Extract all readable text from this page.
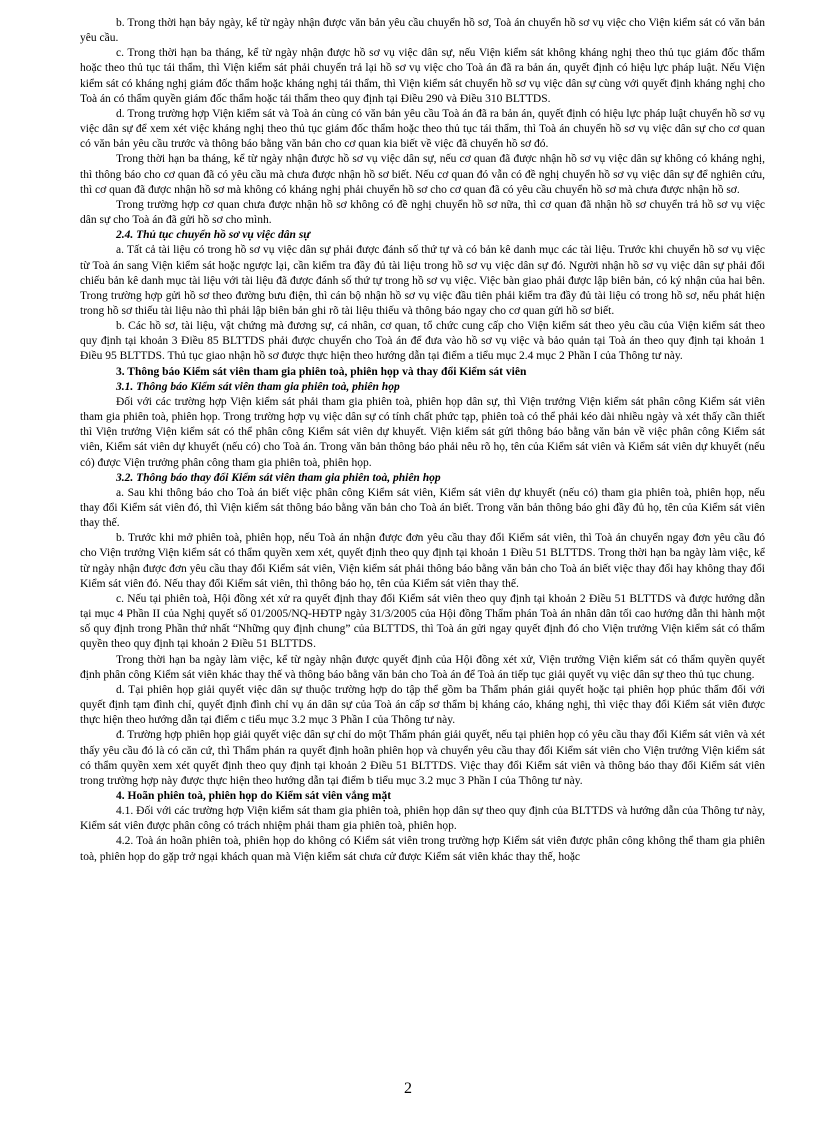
b. Trong thời hạn bảy ngày, kể từ ngày nhận được văn bản yêu cầu chuyển hồ sơ, Toà án chuyển hồ sơ vụ việc cho Viện kiểm sát có văn bản yêu cầu.

c. Trong thời hạn ba tháng, kể từ ngày nhận được hồ sơ vụ việc dân sự, nếu Viện kiểm sát không kháng nghị theo thủ tục giám đốc thẩm hoặc theo thủ tục tái thẩm, thì Viện kiểm sát phải chuyển trả lại hồ sơ vụ việc cho Toà án đã ra bản án, quyết định có hiệu lực pháp luật. Nếu Viện kiểm sát có kháng nghị giám đốc thẩm hoặc kháng nghị tái thẩm, thì Viện kiểm sát chuyển hồ sơ vụ việc dân sự cùng với quyết định kháng nghị cho Toà án có thẩm quyền giám đốc thẩm hoặc tái thẩm theo quy định tại Điều 290 và Điều 310 BLTTDS.

d. Trong trường hợp Viện kiểm sát và Toà án cùng có văn bản yêu cầu Toà án đã ra bản án, quyết định có hiệu lực pháp luật chuyển hồ sơ vụ việc dân sự để xem xét việc kháng nghị theo thủ tục giám đốc thẩm hoặc theo thủ tục tái thẩm, thì Toà án chuyển hồ sơ vụ việc dân sự cho cơ quan có văn bản yêu cầu trước và thông báo bằng văn bản cho cơ quan kia biết về việc đã chuyển hồ sơ đó.

Trong thời hạn ba tháng, kể từ ngày nhận được hồ sơ vụ việc dân sự, nếu cơ quan đã được nhận hồ sơ vụ việc dân sự không có kháng nghị, thì thông báo cho cơ quan đã có yêu cầu mà chưa được nhận hồ sơ biết. Nếu cơ quan đó vẫn có đề nghị chuyển hồ sơ vụ việc dân sự để nghiên cứu, thì cơ quan đã được nhận hồ sơ mà không có kháng nghị phải chuyển hồ sơ cho cơ quan đã có yêu cầu chuyển hồ sơ mà chưa được nhận hồ sơ.

Trong trường hợp cơ quan chưa được nhận hồ sơ không có đề nghị chuyển hồ sơ nữa, thì cơ quan đã nhận hồ sơ chuyển trả hồ sơ vụ việc dân sự cho Toà án đã gửi hồ sơ cho mình.

2.4. Thủ tục chuyển hồ sơ vụ việc dân sự

a. Tất cả tài liệu có trong hồ sơ vụ việc dân sự phải được đánh số thứ tự và có bản kê danh mục các tài liệu. Trước khi chuyển hồ sơ vụ việc từ Toà án sang Viện kiểm sát hoặc ngược lại, cần kiểm tra đầy đủ tài liệu trong hồ sơ vụ việc dân sự đó. Người nhận hồ sơ vụ việc dân sự phải đối chiếu bản kê danh mục tài liệu với tài liệu đã được đánh số thứ tự trong hồ sơ vụ việc. Việc bàn giao phải được lập biên bản, có ký nhận của hai bên. Trong trường hợp gửi hồ sơ theo đường bưu điện, thì cán bộ nhận hồ sơ vụ việc đầu tiên phải kiểm tra đầy đủ tài liệu có trong hồ sơ, nếu phát hiện trong hồ sơ thiếu tài liệu nào thì phải lập biên bản ghi rõ tài liệu thiếu và thông báo ngay cho cơ quan gửi hồ sơ biết.

b. Các hồ sơ, tài liệu, vật chứng mà đương sự, cá nhân, cơ quan, tổ chức cung cấp cho Viện kiểm sát theo yêu cầu của Viện kiểm sát theo quy định tại khoản 3 Điều 85 BLTTDS phải được chuyển cho Toà án để đưa vào hồ sơ vụ việc và bảo quản tại Toà án theo quy định tại khoản 1 Điều 95 BLTTDS. Thủ tục giao nhận hồ sơ được thực hiện theo hướng dẫn tại điểm a tiểu mục 2.4 mục 2 Phần I của Thông tư này.

3. Thông báo Kiểm sát viên tham gia phiên toà, phiên họp và thay đổi Kiểm sát viên
3.1. Thông báo Kiểm sát viên tham gia phiên toà, phiên họp

Đối với các trường hợp Viện kiểm sát phải tham gia phiên toà, phiên họp dân sự, thì Viện trưởng Viện kiểm sát phân công Kiểm sát viên tham gia phiên toà, phiên họp. Trong trường hợp vụ việc dân sự có tính chất phức tạp, phiên toà có thể phải kéo dài nhiều ngày và xét thấy cần thiết thì Viện trưởng Viện kiểm sát có thể phân công Kiểm sát viên dự khuyết. Viện kiểm sát gửi thông báo bằng văn bản về việc phân công Kiểm sát viên, Kiểm sát viên dự khuyết (nếu có) cho Toà án. Trong văn bản thông báo phải nêu rõ họ, tên của Kiểm sát viên và Kiểm sát viên dự khuyết (nếu có) được Viện trưởng phân công tham gia phiên toà, phiên họp.

3.2. Thông báo thay đổi Kiểm sát viên tham gia phiên toà, phiên họp

a. Sau khi thông báo cho Toà án biết việc phân công Kiểm sát viên, Kiểm sát viên dự khuyết (nếu có) tham gia phiên toà, phiên họp, nếu thay đổi Kiểm sát viên đó, thì Viện kiểm sát thông báo bằng văn bản cho Toà án biết. Trong văn bản thông báo ghi đầy đủ họ, tên của Kiểm sát viên thay thế.

b. Trước khi mở phiên toà, phiên họp, nếu Toà án nhận được đơn yêu cầu thay đổi Kiểm sát viên, thì Toà án chuyển ngay đơn yêu cầu đó cho Viện trưởng Viện kiểm sát có thẩm quyền xem xét, quyết định theo quy định tại khoản 1 Điều 51 BLTTDS. Trong thời hạn ba ngày làm việc, kể từ ngày nhận được đơn yêu cầu thay đổi Kiểm sát viên, Viện kiểm sát phải thông báo bằng văn bản cho Toà án biết việc thay đổi hay không thay đổi Kiểm sát viên đó. Nếu thay đổi Kiểm sát viên, thì thông báo họ, tên của Kiểm sát viên thay thế.

c. Nếu tại phiên toà, Hội đồng xét xử ra quyết định thay đổi Kiểm sát viên theo quy định tại khoản 2 Điều 51 BLTTDS và được hướng dẫn tại mục 4 Phần II của Nghị quyết số 01/2005/NQ-HĐTP ngày 31/3/2005 của Hội đồng Thẩm phán Toà án nhân dân tối cao hướng dẫn thi hành một số quy định trong Phần thứ nhất “Những quy định chung” của BLTTDS, thì Toà án gửi ngay quyết định đó cho Viện trưởng Viện kiểm sát có thẩm quyền theo quy định tại khoản 2 Điều 51 BLTTDS.

Trong thời hạn ba ngày làm việc, kể từ ngày nhận được quyết định của Hội đồng xét xử, Viện trưởng Viện kiểm sát có thẩm quyền quyết định phân công Kiểm sát viên khác thay thế và thông báo bằng văn bản cho Toà án để Toà án tiếp tục giải quyết vụ việc dân sự theo thủ tục chung.

d. Tại phiên họp giải quyết việc dân sự thuộc trường hợp do tập thể gồm ba Thẩm phán giải quyết hoặc tại phiên họp phúc thẩm đối với quyết định tạm đình chỉ, quyết định đình chỉ vụ án dân sự của Toà án cấp sơ thẩm bị kháng cáo, kháng nghị, thì việc thay đổi Kiểm sát viên được thực hiện theo hướng dẫn tại điểm c tiểu mục 3.2 mục 3 Phần I của Thông tư này.

đ. Trường hợp phiên họp giải quyết việc dân sự chỉ do một Thẩm phán giải quyết, nếu tại phiên họp có yêu cầu thay đổi Kiểm sát viên và xét thấy yêu cầu đó là có căn cứ, thì Thẩm phán ra quyết định hoãn phiên họp và chuyển yêu cầu thay đổi Kiểm sát viên cho Viện trưởng Viện kiểm sát có thẩm quyền xem xét quyết định theo quy định tại khoản 2 Điều 51 BLTTDS. Việc thay đổi Kiểm sát viên và thông báo thay đổi Kiểm sát viên trong trường hợp này được thực hiện theo hướng dẫn tại điểm b tiểu mục 3.2 mục 3 Phần I của Thông tư này.

4. Hoãn phiên toà, phiên họp do Kiểm sát viên vắng mặt

4.1. Đối với các trường hợp Viện kiểm sát tham gia phiên toà, phiên họp dân sự theo quy định của BLTTDS và hướng dẫn của Thông tư này, Kiểm sát viên được phân công có trách nhiệm phải tham gia phiên toà, phiên họp.

4.2. Toà án hoãn phiên toà, phiên họp do không có Kiểm sát viên trong trường hợp Kiểm sát viên được phân công không thể tham gia phiên toà, phiên họp do gặp trở ngại khách quan mà Viện kiểm sát chưa cử được Kiểm sát viên khác thay thế, hoặc

2
